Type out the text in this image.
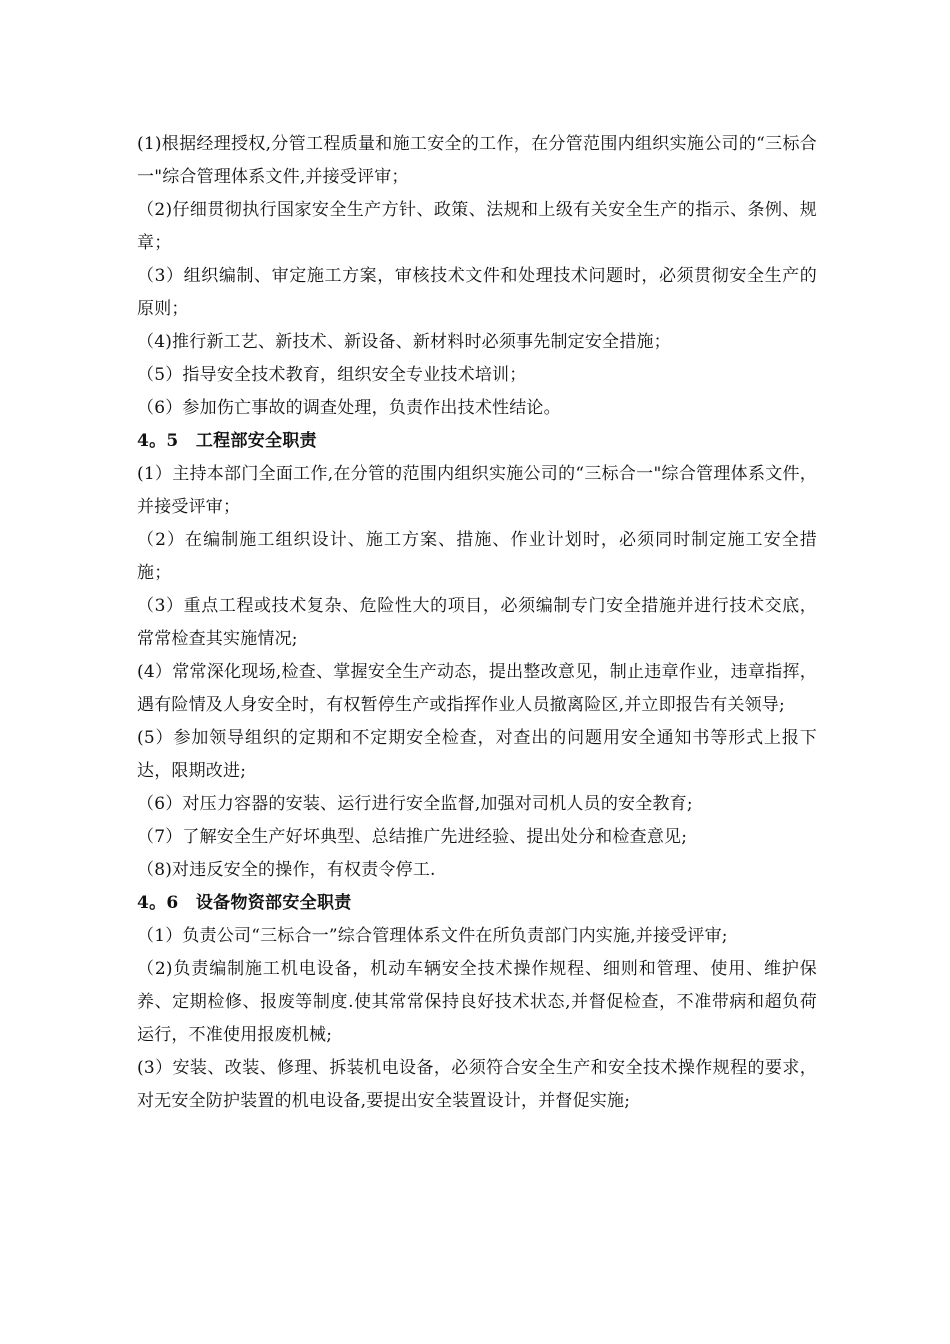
(1)根据经理授权,分管工程质量和施工安全的工作，在分管范围内组织实施公司的“三标合一"综合管理体系文件,并接受评审；

（2)仔细贯彻执行国家安全生产方针、政策、法规和上级有关安全生产的指示、条例、规章；

（3）组织编制、审定施工方案，审核技术文件和处理技术问题时，必须贯彻安全生产的原则；

（4)推行新工艺、新技术、新设备、新材料时必须事先制定安全措施；

（5）指导安全技术教育，组织安全专业技术培训；

（6）参加伤亡事故的调查处理，负责作出技术性结论。

4。5　工程部安全职责

(1）主持本部门全面工作,在分管的范围内组织实施公司的“三标合一"综合管理体系文件，并接受评审；

（2）在编制施工组织设计、施工方案、措施、作业计划时，必须同时制定施工安全措施；

（3）重点工程或技术复杂、危险性大的项目，必须编制专门安全措施并进行技术交底，常常检查其实施情况;

(4）常常深化现场,检查、掌握安全生产动态，提出整改意见，制止违章作业，违章指挥，遇有险情及人身安全时，有权暂停生产或指挥作业人员撤离险区,并立即报告有关领导;

(5）参加领导组织的定期和不定期安全检查，对查出的问题用安全通知书等形式上报下达，限期改进;

（6）对压力容器的安装、运行进行安全监督,加强对司机人员的安全教育;

（7）了解安全生产好坏典型、总结推广先进经验、提出处分和检查意见;

（8)对违反安全的操作，有权责令停工.

4。6　设备物资部安全职责

（1）负责公司“三标合一”综合管理体系文件在所负责部门内实施,并接受评审;

（2)负责编制施工机电设备，机动车辆安全技术操作规程、细则和管理、使用、维护保养、定期检修、报废等制度.使其常常保持良好技术状态,并督促检查，不准带病和超负荷运行，不准使用报废机械;

(3）安装、改装、修理、拆装机电设备，必须符合安全生产和安全技术操作规程的要求，对无安全防护装置的机电设备,要提出安全装置设计，并督促实施;
